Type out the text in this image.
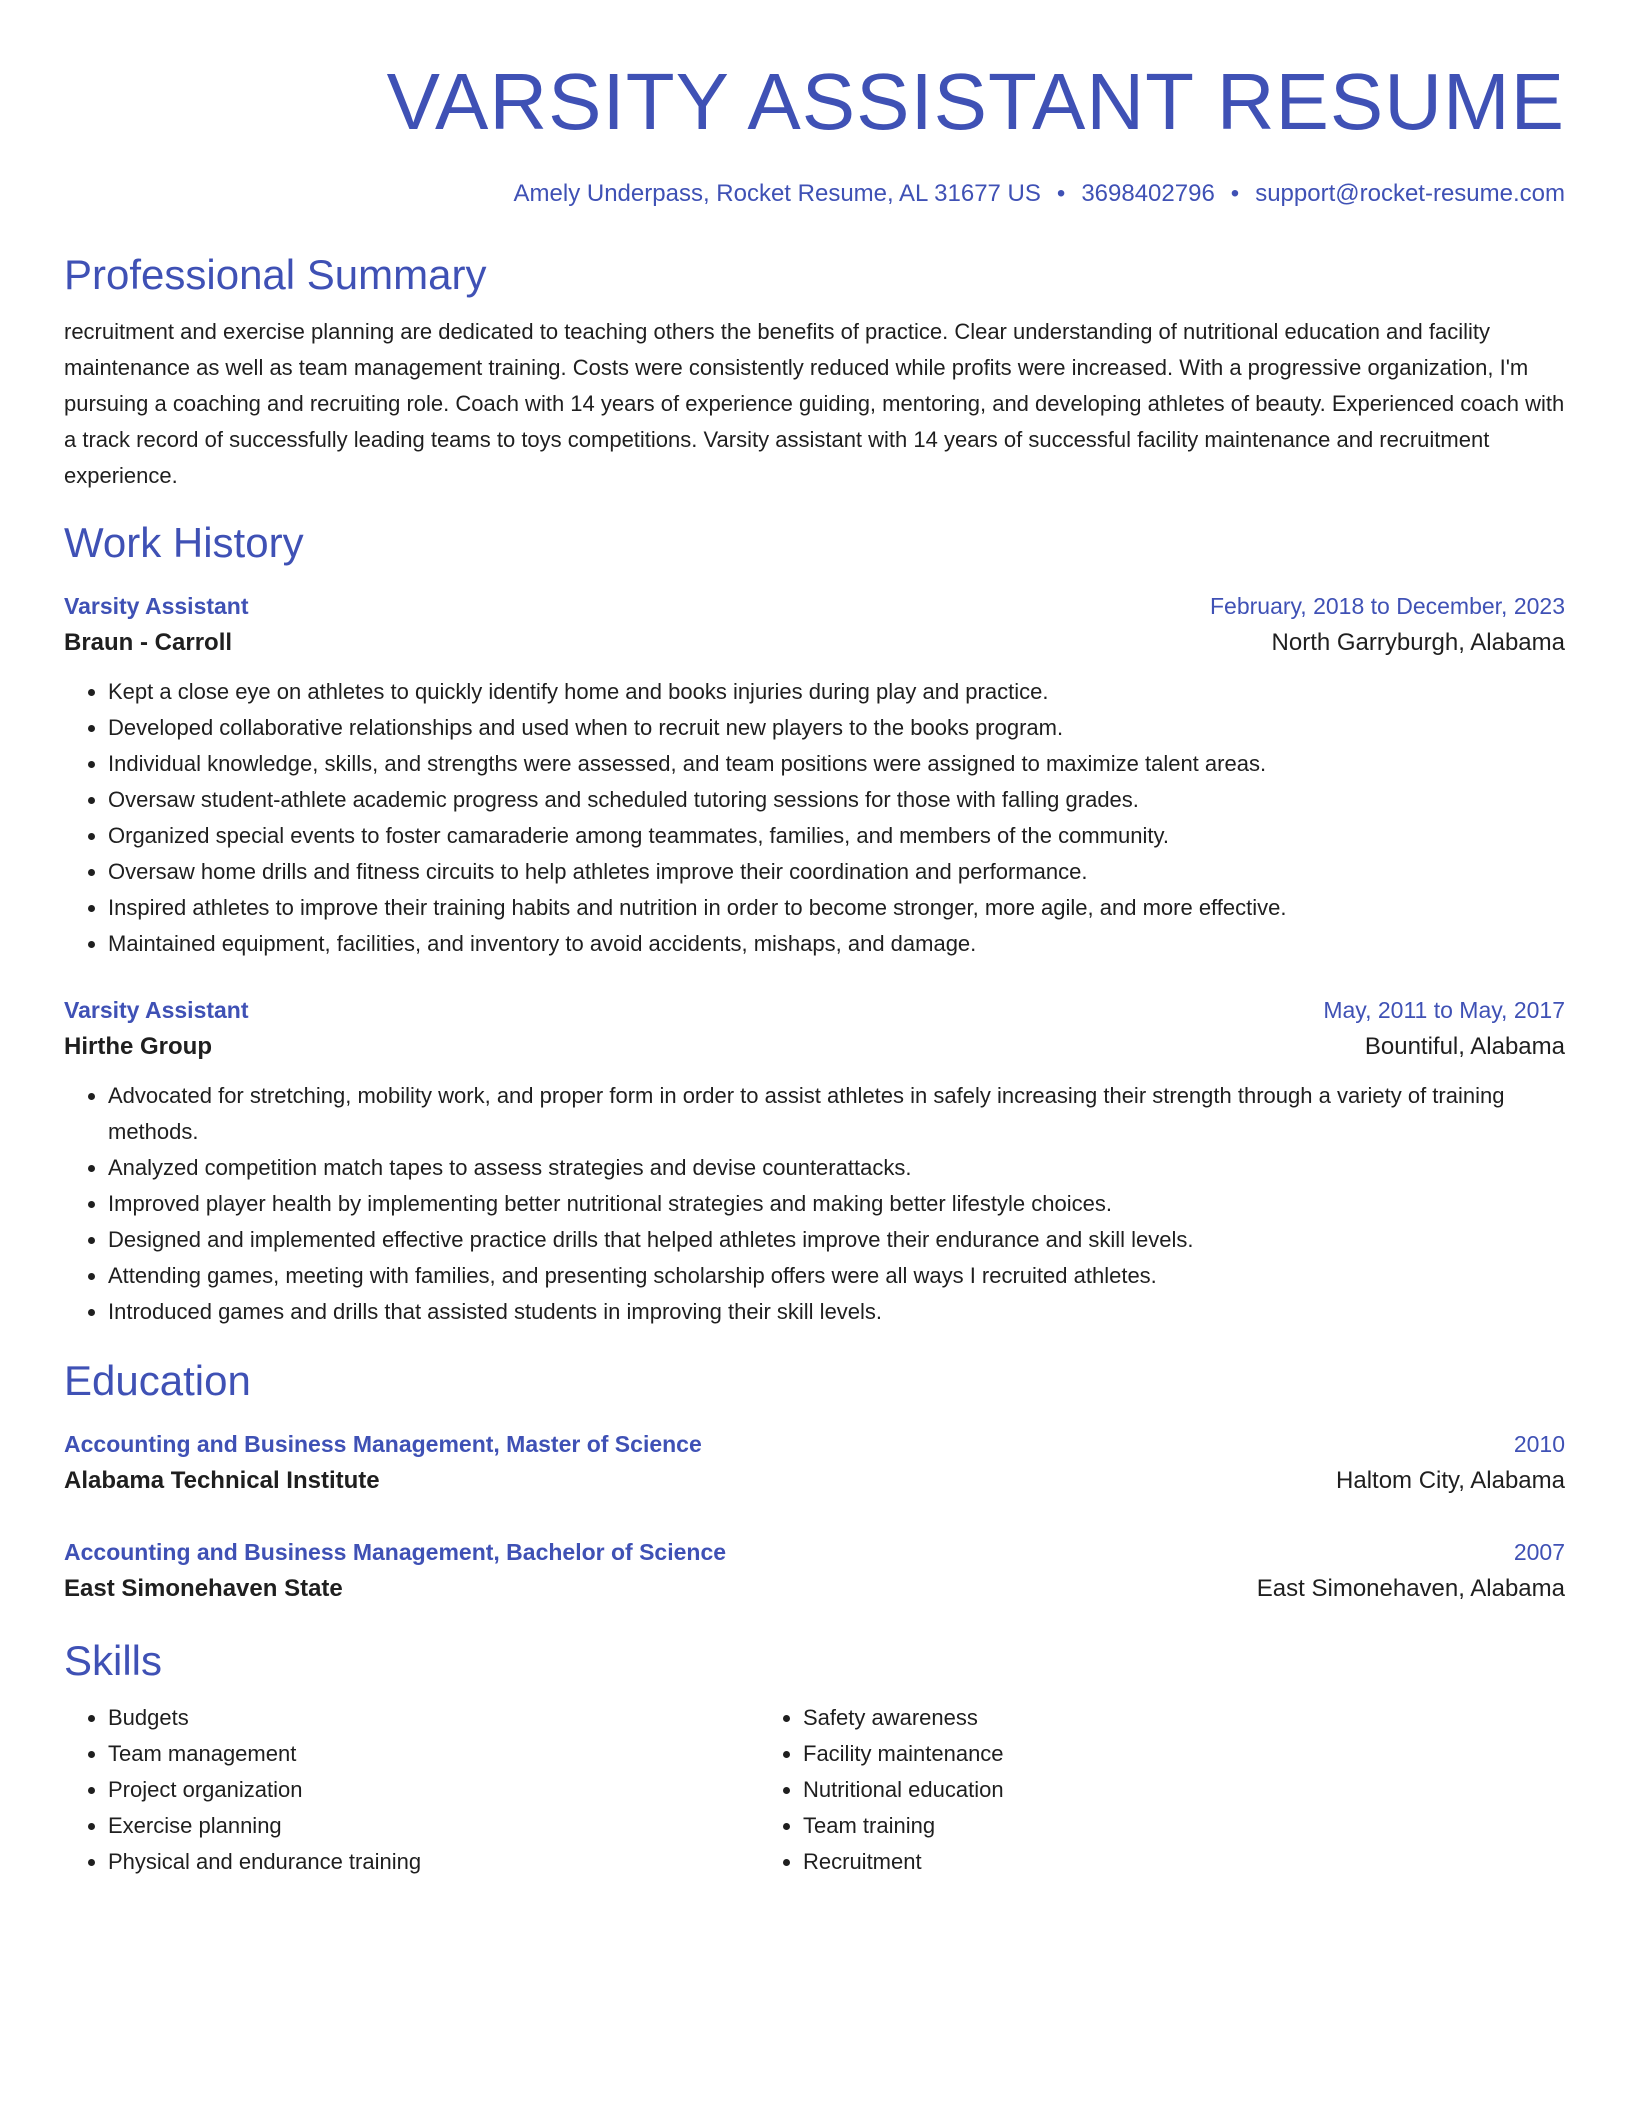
VARSITY ASSISTANT RESUME
Amely Underpass, Rocket Resume, AL 31677 US • 3698402796 • support@rocket-resume.com
Professional Summary
recruitment and exercise planning are dedicated to teaching others the benefits of practice. Clear understanding of nutritional education and facility maintenance as well as team management training. Costs were consistently reduced while profits were increased. With a progressive organization, I'm pursuing a coaching and recruiting role. Coach with 14 years of experience guiding, mentoring, and developing athletes of beauty. Experienced coach with a track record of successfully leading teams to toys competitions. Varsity assistant with 14 years of successful facility maintenance and recruitment experience.
Work History
Varsity Assistant	February, 2018 to December, 2023
Braun - Carroll	North Garryburgh, Alabama
• Kept a close eye on athletes to quickly identify home and books injuries during play and practice.
• Developed collaborative relationships and used when to recruit new players to the books program.
• Individual knowledge, skills, and strengths were assessed, and team positions were assigned to maximize talent areas.
• Oversaw student-athlete academic progress and scheduled tutoring sessions for those with falling grades.
• Organized special events to foster camaraderie among teammates, families, and members of the community.
• Oversaw home drills and fitness circuits to help athletes improve their coordination and performance.
• Inspired athletes to improve their training habits and nutrition in order to become stronger, more agile, and more effective.
• Maintained equipment, facilities, and inventory to avoid accidents, mishaps, and damage.
Varsity Assistant	May, 2011 to May, 2017
Hirthe Group	Bountiful, Alabama
• Advocated for stretching, mobility work, and proper form in order to assist athletes in safely increasing their strength through a variety of training methods.
• Analyzed competition match tapes to assess strategies and devise counterattacks.
• Improved player health by implementing better nutritional strategies and making better lifestyle choices.
• Designed and implemented effective practice drills that helped athletes improve their endurance and skill levels.
• Attending games, meeting with families, and presenting scholarship offers were all ways I recruited athletes.
• Introduced games and drills that assisted students in improving their skill levels.
Education
Accounting and Business Management, Master of Science	2010
Alabama Technical Institute	Haltom City, Alabama
Accounting and Business Management, Bachelor of Science	2007
East Simonehaven State	East Simonehaven, Alabama
Skills
• Budgets
• Team management
• Project organization
• Exercise planning
• Physical and endurance training
• Safety awareness
• Facility maintenance
• Nutritional education
• Team training
• Recruitment
